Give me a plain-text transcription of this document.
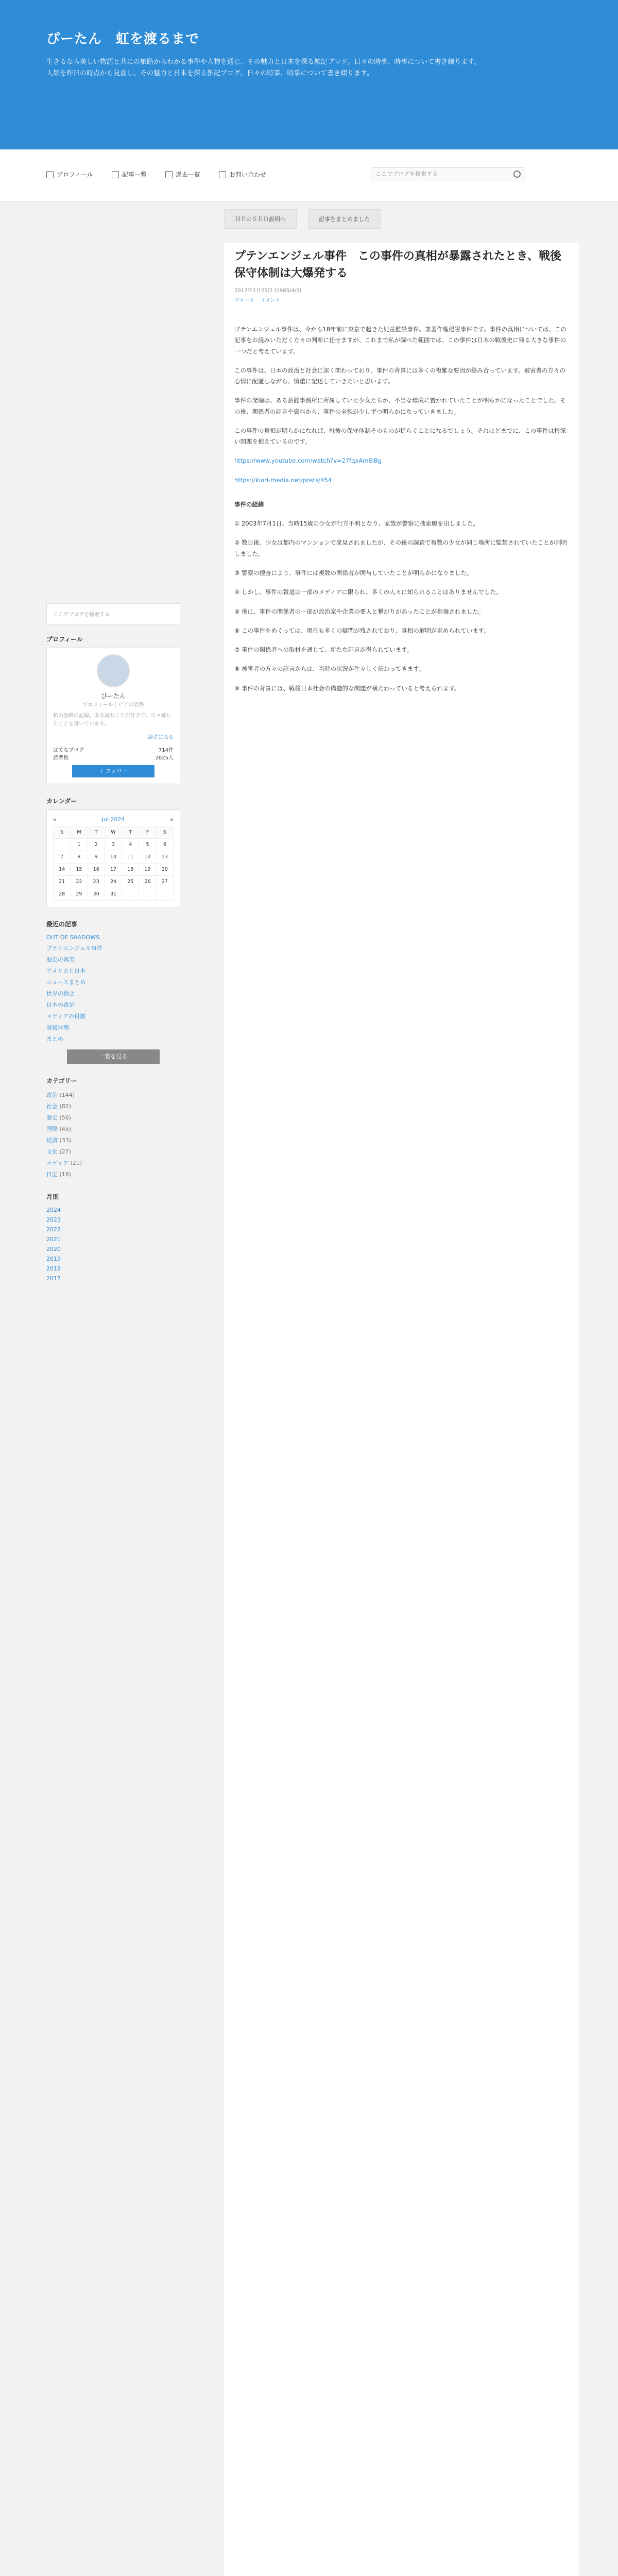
ぴーたん　虹を渡るまで
生きるなら美しい物語と共にの旅路からわかる事件や人物を通じ、その魅力と日本を探る雑記ブログ。日々の時事、時事について書き綴ります。
人類を昨日の時点から見直し、その魅力と日本を探る雑記ブログ。日々の時事、時事について書き綴ります。
プロフィール	記事一覧	過去一覧	お問い合わせ	ここでブログを検索する
ＨＰのＳＥＯ説明へ	記事をまとめました
プテンエンジェル事件　この事件の真相が暴露されたとき、戦後保守体制は大爆発する
2017年2月25日 (1985/4/5)
ツイート　コメント

プテンエンジェル事件は、今から18年前に東京で起きた児童監禁事件、兼著作権侵害事件です。事件の真相については、この記事をお読みいただく方々の判断に任せますが、これまで私が調べた範囲では、この事件は日本の戦後史に残る大きな事件の一つだと考えています。

この事件は、日本の政治と社会に深く関わっており、事件の背景には多くの複雑な要因が絡み合っています。被害者の方々の心情に配慮しながら、慎重に記述していきたいと思います。

事件の発端は、ある芸能事務所に所属していた少女たちが、不当な環境に置かれていたことが明らかになったことでした。その後、関係者の証言や資料から、事件の全貌が少しずつ明らかになっていきました。

この事件の真相が明らかになれば、戦後の保守体制そのものが揺らぐことになるでしょう。それほどまでに、この事件は根深い問題を抱えているのです。

https://www.youtube.com/watch?v=27fqxAm8lBg

https://kiori-media.net/posts/454

事件の経緯

① 2003年7月1日、当時15歳の少女が行方不明となり、家族が警察に捜索願を出しました。

② 数日後、少女は都内のマンションで発見されましたが、その後の調査で複数の少女が同じ場所に監禁されていたことが判明しました。

③ 警察の捜査により、事件には複数の関係者が関与していたことが明らかになりました。

④ しかし、事件の報道は一部のメディアに限られ、多くの人々に知られることはありませんでした。

⑤ 後に、事件の関係者の一部が政治家や企業の要人と繋がりがあったことが指摘されました。

⑥ この事件をめぐっては、現在も多くの疑問が残されており、真相の解明が求められています。

⑦ 事件の関係者への取材を通じて、新たな証言が得られています。

⑧ 被害者の方々の証言からは、当時の状況が生々しく伝わってきます。

⑨ 事件の背景には、戦後日本社会の構造的な問題が横たわっていると考えられます。

ここでブログを検索する
プロフィール
ぴーたん
プロフィール｜ピアの姿勢
私の旅路の記録。本を読むことが好きで、日々感じたことを書いています。
読者になる
はてなブログ	714件
読者数	2025人
+ フォロー
カレンダー
«	Jul 2024	»
S	M	T	W	T	F	S
	1	2	3	4	5	6
7	8	9	10	11	12	13
14	15	16	17	18	19	20
21	22	23	24	25	26	27
28	29	30	31			
最近の記事
OUT OF SHADOWS
プテンエンジェル事件
歴史の真実
アメリカと日本
ニュースまとめ
世界の動き
日本の政治
メディアの役割
戦後体制
まとめ
一覧を見る
カテゴリー
政治 (144)
社会 (82)
歴史 (56)
国際 (45)
経済 (33)
文化 (27)
メディア (21)
日記 (18)
月別
2024
2023
2022
2021
2020
2019
2018
2017
